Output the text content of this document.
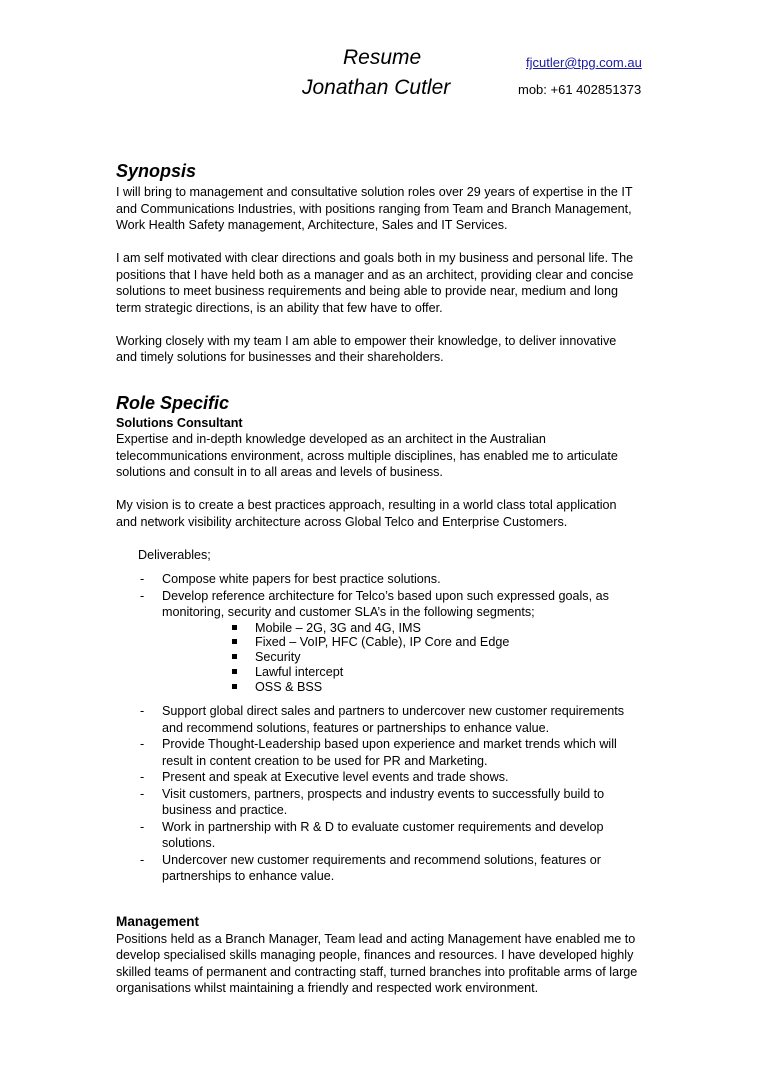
Resume
Jonathan Cutler
fjcutler@tpg.com.au
mob: +61 402851373
Synopsis

I will bring to management and consultative solution roles over 29 years of expertise in the IT
and Communications Industries, with positions ranging from Team and Branch Management,
Work Health Safety management, Architecture, Sales and IT Services.

I am self motivated with clear directions and goals both in my business and personal life. The
positions that I have held both as a manager and as an architect, providing clear and concise
solutions to meet business requirements and being able to provide near, medium and long
term strategic directions, is an ability that few have to offer.

Working closely with my team I am able to empower their knowledge, to deliver innovative
and timely solutions for businesses and their shareholders.

Role Specific

Solutions Consultant

Expertise and in-depth knowledge developed as an architect in the Australian
telecommunications environment, across multiple disciplines, has enabled me to articulate
solutions and consult in to all areas and levels of business.

My vision is to create a best practices approach, resulting in a world class total application
and network visibility architecture across Global Telco and Enterprise Customers.

Deliverables;

- Compose white papers for best practice solutions.
- Develop reference architecture for Telco’s based upon such expressed goals, as
monitoring, security and customer SLA’s in the following segments;
Mobile – 2G, 3G and 4G, IMS
Fixed – VoIP, HFC (Cable), IP Core and Edge
Security
Lawful intercept
OSS & BSS
- Support global direct sales and partners to undercover new customer requirements
and recommend solutions, features or partnerships to enhance value.
- Provide Thought-Leadership based upon experience and market trends which will
result in content creation to be used for PR and Marketing.
- Present and speak at Executive level events and trade shows.
- Visit customers, partners, prospects and industry events to successfully build to
business and practice.
- Work in partnership with R & D to evaluate customer requirements and develop
solutions.
- Undercover new customer requirements and recommend solutions, features or
partnerships to enhance value.

Management

Positions held as a Branch Manager, Team lead and acting Management have enabled me to
develop specialised skills managing people, finances and resources. I have developed highly
skilled teams of permanent and contracting staff, turned branches into profitable arms of large
organisations whilst maintaining a friendly and respected work environment.
